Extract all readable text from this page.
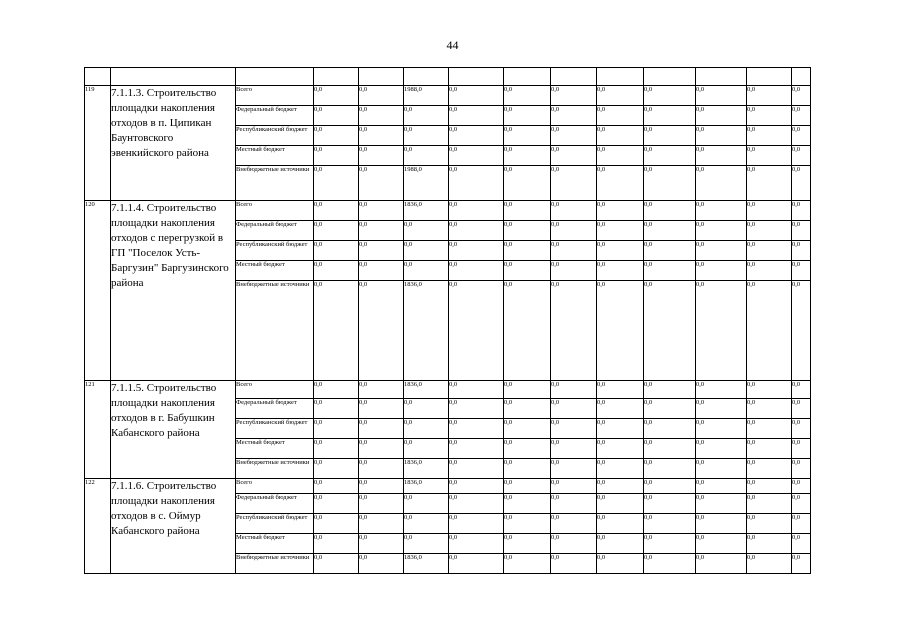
44

119	7.1.1.3. Строительство площадки накопления отходов в п. Ципикан Баунтовского эвенкийского района	Всего	0,0	0,0	1988,0	0,0	0,0	0,0	0,0	0,0	0,0	0,0	0,0
		Федеральный бюджет	0,0	0,0	0,0	0,0	0,0	0,0	0,0	0,0	0,0	0,0	0,0
		Республиканский бюджет	0,0	0,0	0,0	0,0	0,0	0,0	0,0	0,0	0,0	0,0	0,0
		Местный бюджет	0,0	0,0	0,0	0,0	0,0	0,0	0,0	0,0	0,0	0,0	0,0
		Внебюджетные источники	0,0	0,0	1988,0	0,0	0,0	0,0	0,0	0,0	0,0	0,0	0,0
120	7.1.1.4. Строительство площадки накопления отходов с перегрузкой в ГП "Поселок Усть-Баргузин" Баргузинского района	Всего	0,0	0,0	1836,0	0,0	0,0	0,0	0,0	0,0	0,0	0,0	0,0
		Федеральный бюджет	0,0	0,0	0,0	0,0	0,0	0,0	0,0	0,0	0,0	0,0	0,0
		Республиканский бюджет	0,0	0,0	0,0	0,0	0,0	0,0	0,0	0,0	0,0	0,0	0,0
		Местный бюджет	0,0	0,0	0,0	0,0	0,0	0,0	0,0	0,0	0,0	0,0	0,0
		Внебюджетные источники	0,0	0,0	1836,0	0,0	0,0	0,0	0,0	0,0	0,0	0,0	0,0
121	7.1.1.5. Строительство площадки накопления отходов в г. Бабушкин Кабанского района	Всего	0,0	0,0	1836,0	0,0	0,0	0,0	0,0	0,0	0,0	0,0	0,0
		Федеральный бюджет	0,0	0,0	0,0	0,0	0,0	0,0	0,0	0,0	0,0	0,0	0,0
		Республиканский бюджет	0,0	0,0	0,0	0,0	0,0	0,0	0,0	0,0	0,0	0,0	0,0
		Местный бюджет	0,0	0,0	0,0	0,0	0,0	0,0	0,0	0,0	0,0	0,0	0,0
		Внебюджетные источники	0,0	0,0	1836,0	0,0	0,0	0,0	0,0	0,0	0,0	0,0	0,0
122	7.1.1.6. Строительство площадки накопления отходов в с. Оймур Кабанского района	Всего	0,0	0,0	1836,0	0,0	0,0	0,0	0,0	0,0	0,0	0,0	0,0
		Федеральный бюджет	0,0	0,0	0,0	0,0	0,0	0,0	0,0	0,0	0,0	0,0	0,0
		Республиканский бюджет	0,0	0,0	0,0	0,0	0,0	0,0	0,0	0,0	0,0	0,0	0,0
		Местный бюджет	0,0	0,0	0,0	0,0	0,0	0,0	0,0	0,0	0,0	0,0	0,0
		Внебюджетные источники	0,0	0,0	1836,0	0,0	0,0	0,0	0,0	0,0	0,0	0,0	0,0
